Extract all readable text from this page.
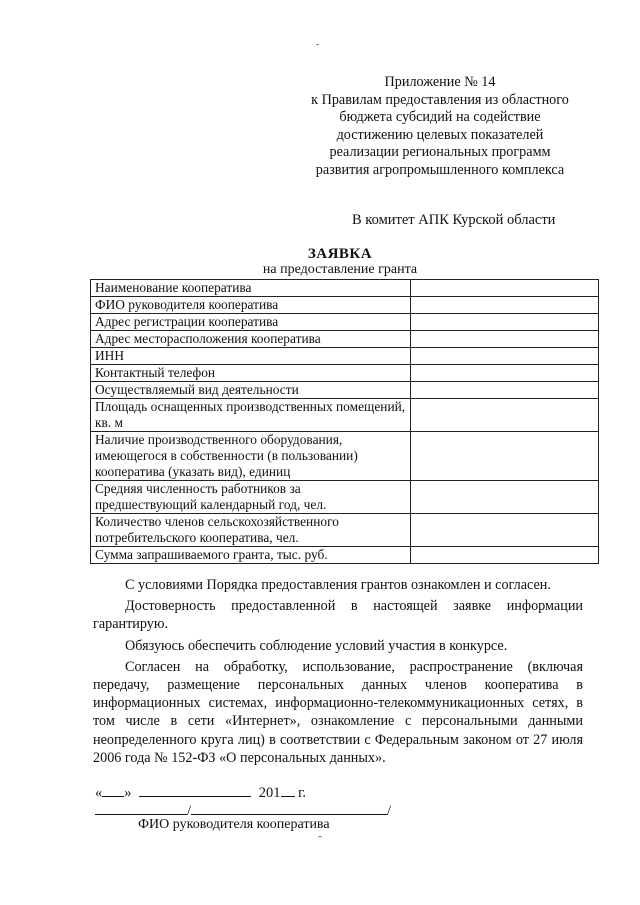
Приложение № 14
к Правилам предоставления из областного
бюджета субсидий на содействие
достижению целевых показателей
реализации региональных программ
развития агропромышленного комплекса
В комитет АПК Курской области
ЗАЯВКА
на предоставление гранта
Наименование кооператива	
ФИО руководителя кооператива	
Адрес регистрации кооператива	
Адрес месторасположения кооператива	
ИНН	
Контактный телефон	
Осуществляемый вид деятельности	
Площадь оснащенных производственных помещений, кв. м	
Наличие производственного оборудования, имеющегося в собственности (в пользовании) кооператива (указать вид), единиц	
Средняя численность работников за предшествующий календарный год, чел.	
Количество членов сельскохозяйственного потребительского кооператива, чел.	
Сумма запрашиваемого гранта, тыс. руб.	

С условиями Порядка предоставления грантов ознакомлен и согласен.

Достоверность предоставленной в настоящей заявке информации гарантирую.

Обязуюсь обеспечить соблюдение условий участия в конкурсе.

Согласен на обработку, использование, распространение (включая передачу, размещение персональных данных членов кооператива в информационных системах, информационно-телекоммуникационных сетях, в том числе в сети «Интернет», ознакомление с персональными данными неопределенного круга лиц) в соответствии с Федеральным законом от 27 июля 2006 года № 152-ФЗ «О персональных данных».

« »	201 г.
/	/
ФИО руководителя кооператива
